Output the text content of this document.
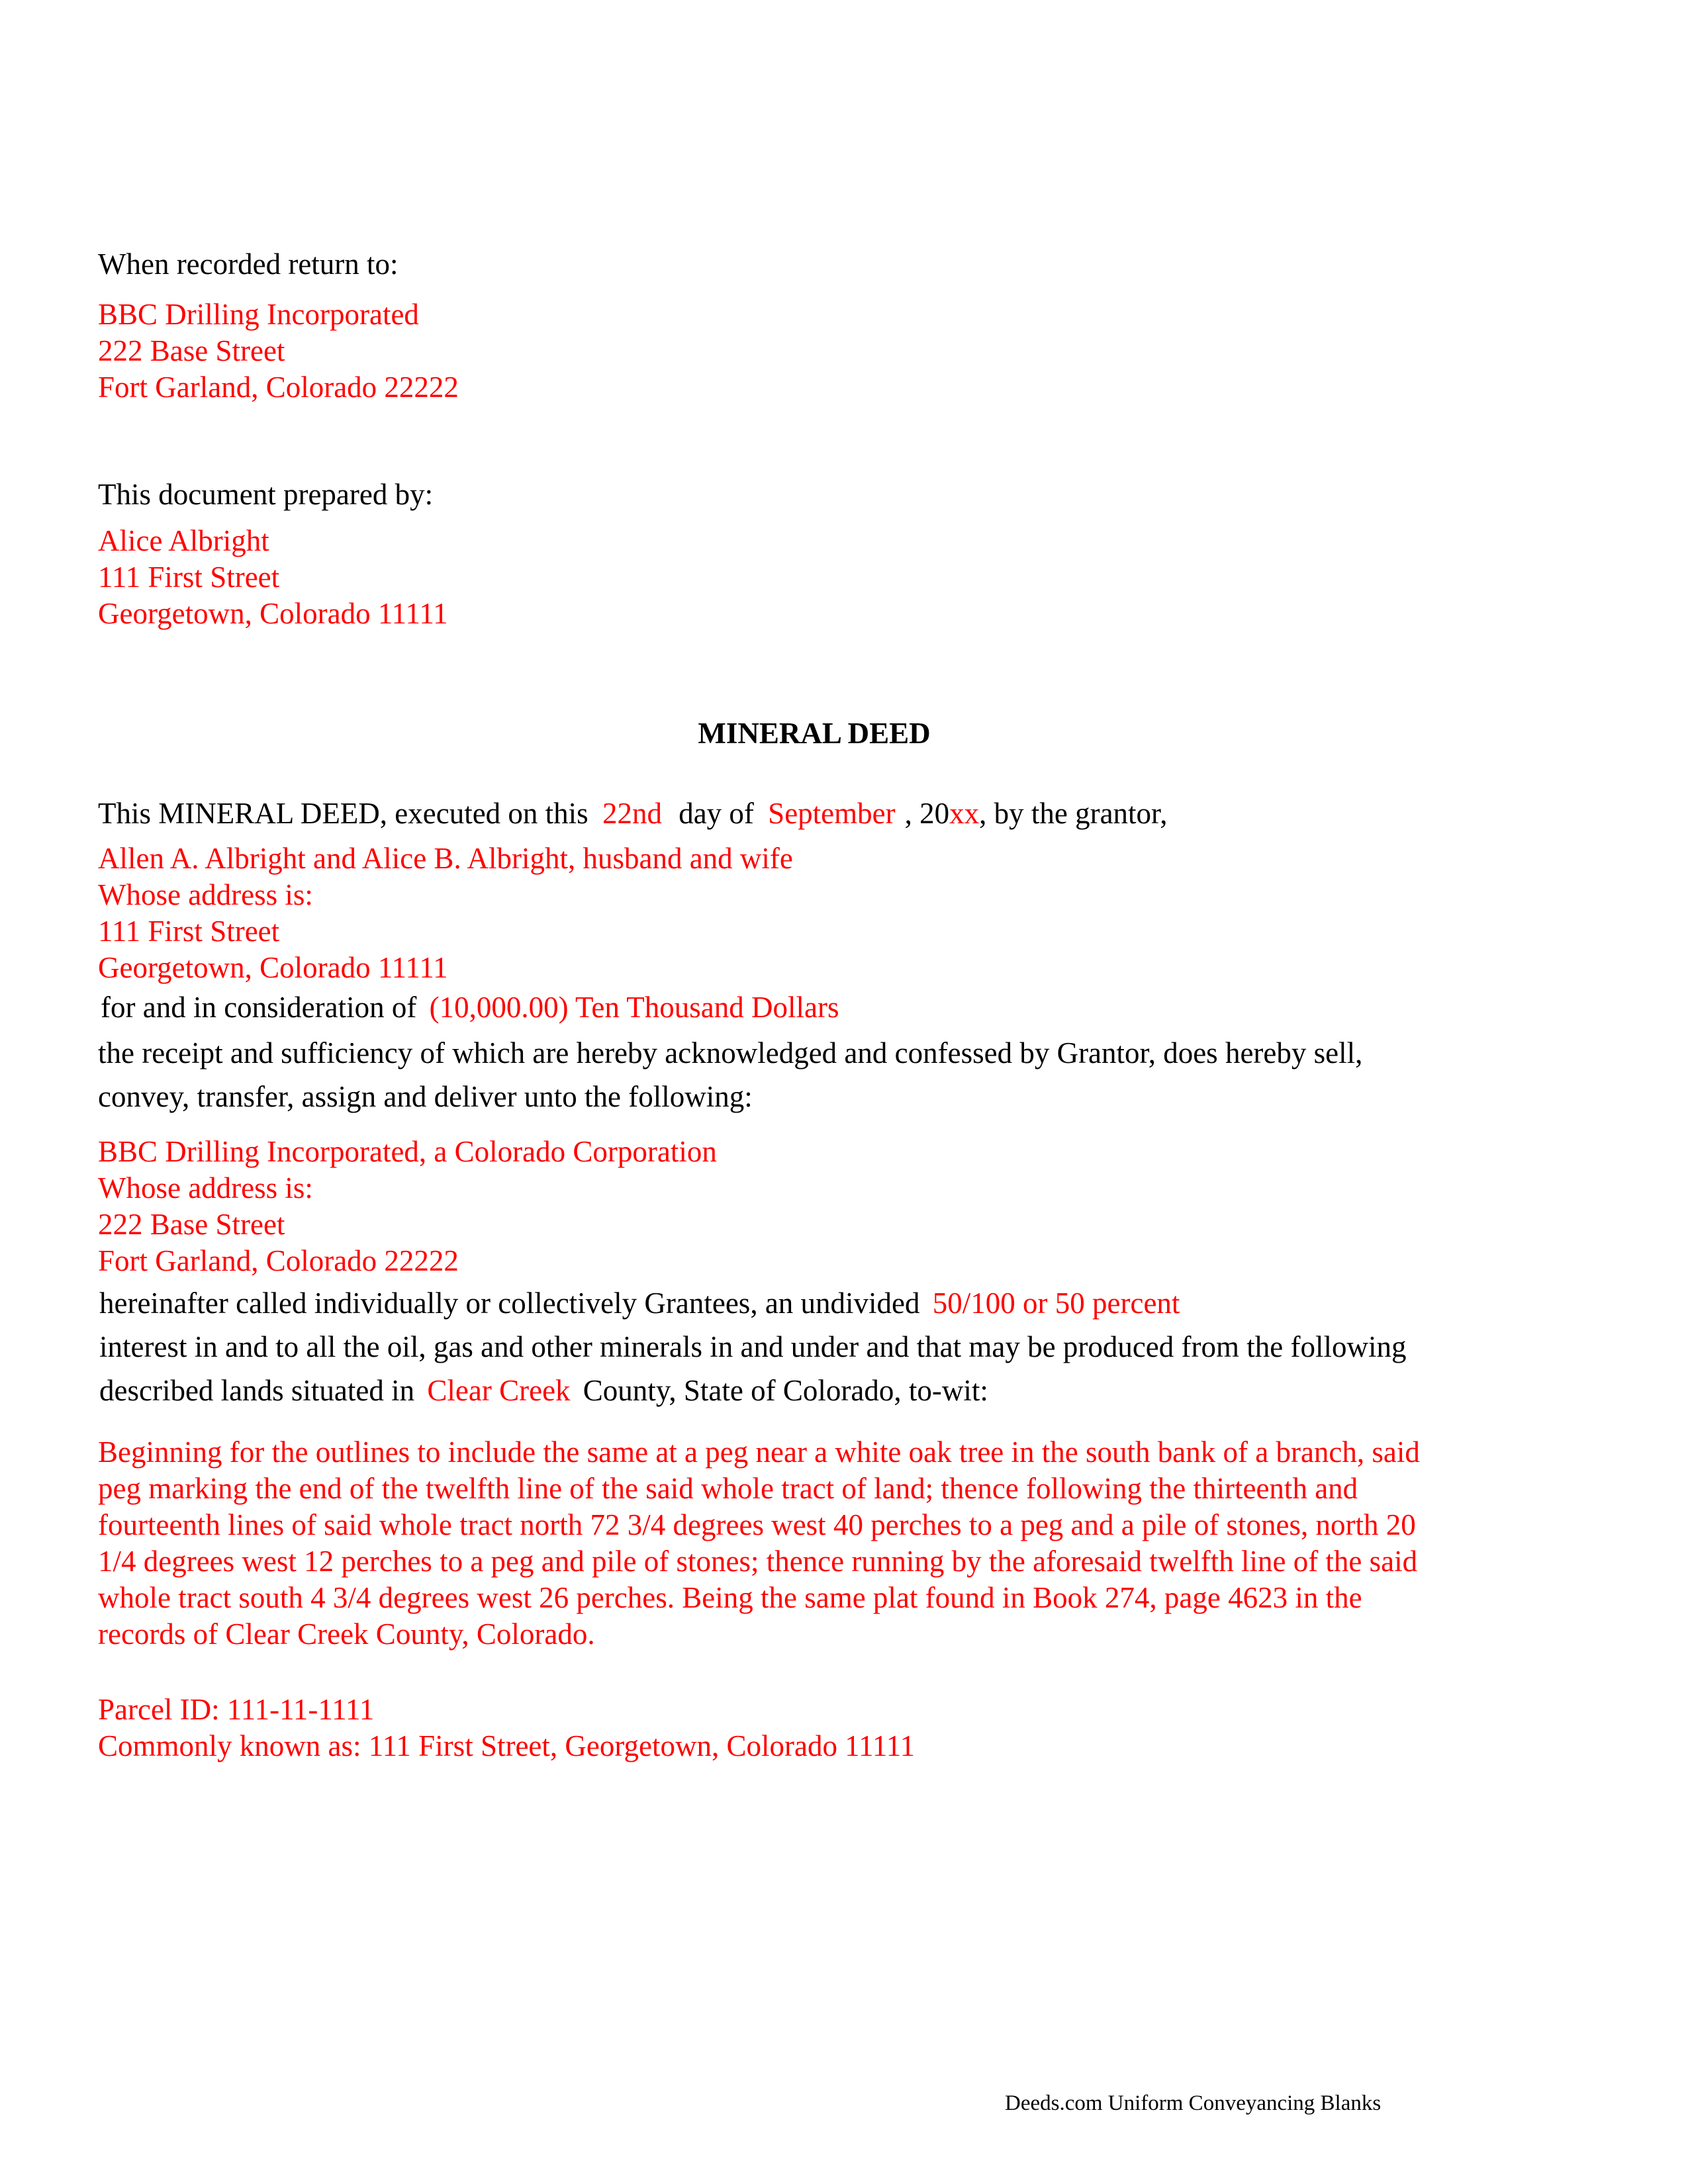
When recorded return to:
BBC Drilling Incorporated
222 Base Street
Fort Garland, Colorado 22222
This document prepared by:
Alice Albright
111 First Street
Georgetown, Colorado 11111
MINERAL DEED
This MINERAL DEED, executed on this 22nd day of September , 20xx, by the grantor,
Allen A. Albright and Alice B. Albright, husband and wife
Whose address is:
111 First Street
Georgetown, Colorado 11111
for and in consideration of (10,000.00) Ten Thousand Dollars
the receipt and sufficiency of which are hereby acknowledged and confessed by Grantor, does hereby sell,
convey, transfer, assign and deliver unto the following:
BBC Drilling Incorporated, a Colorado Corporation
Whose address is:
222 Base Street
Fort Garland, Colorado 22222
hereinafter called individually or collectively Grantees, an undivided 50/100 or 50 percent
interest in and to all the oil, gas and other minerals in and under and that may be produced from the following
described lands situated in Clear Creek County, State of Colorado, to-wit:
Beginning for the outlines to include the same at a peg near a white oak tree in the south bank of a branch, said
peg marking the end of the twelfth line of the said whole tract of land; thence following the thirteenth and
fourteenth lines of said whole tract north 72 3/4 degrees west 40 perches to a peg and a pile of stones, north 20
1/4 degrees west 12 perches to a peg and pile of stones; thence running by the aforesaid twelfth line of the said
whole tract south 4 3/4 degrees west 26 perches. Being the same plat found in Book 274, page 4623 in the
records of Clear Creek County, Colorado.
Parcel ID: 111-11-1111
Commonly known as: 111 First Street, Georgetown, Colorado 11111
Deeds.com Uniform Conveyancing Blanks
